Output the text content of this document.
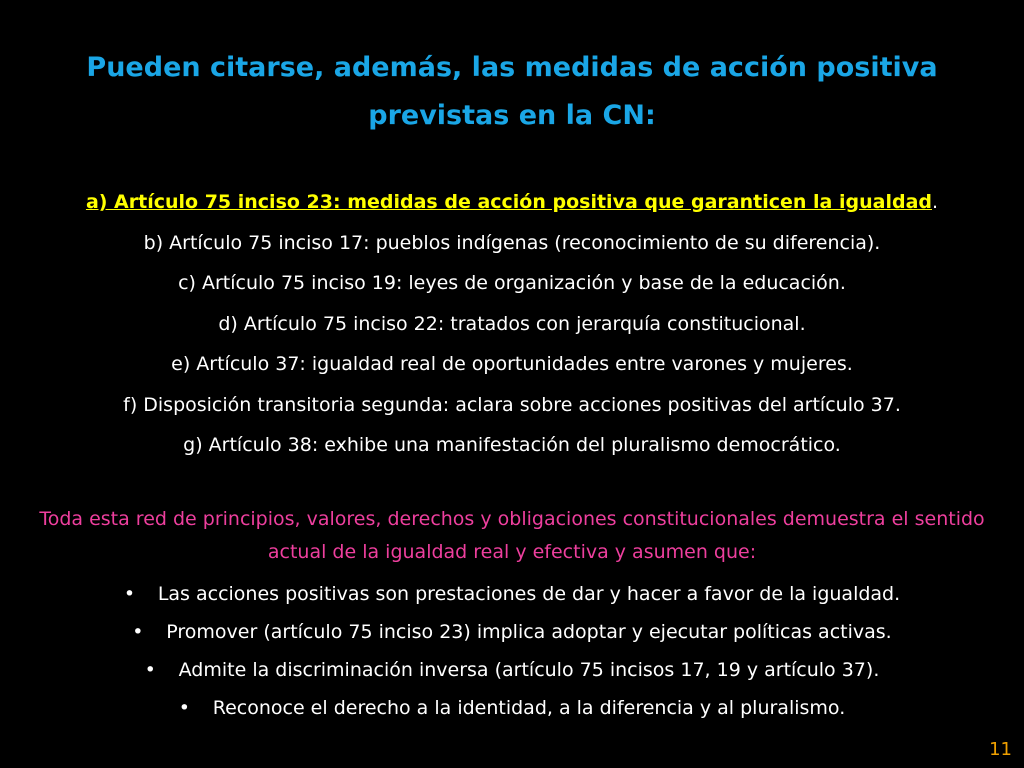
Pueden citarse, además, las medidas de acción positiva previstas en la CN:
a) Artículo 75 inciso 23: medidas de acción positiva que garanticen la igualdad.
b) Artículo 75 inciso 17: pueblos indígenas (reconocimiento de su diferencia).
c) Artículo 75 inciso 19: leyes de organización y base de la educación.
d) Artículo 75 inciso 22: tratados con jerarquía constitucional.
e) Artículo 37: igualdad real de oportunidades entre varones y mujeres.
f) Disposición transitoria segunda: aclara sobre acciones positivas del artículo 37.
g) Artículo 38: exhibe una manifestación del pluralismo democrático.

Toda esta red de principios, valores, derechos y obligaciones constitucionales demuestra el sentido actual de la igualdad real y efectiva y asumen que:

• Las acciones positivas son prestaciones de dar y hacer a favor de la igualdad.
• Promover (artículo 75 inciso 23) implica adoptar y ejecutar políticas activas.
• Admite la discriminación inversa (artículo 75 incisos 17, 19 y artículo 37).
• Reconoce el derecho a la identidad, a la diferencia y al pluralismo.
11
